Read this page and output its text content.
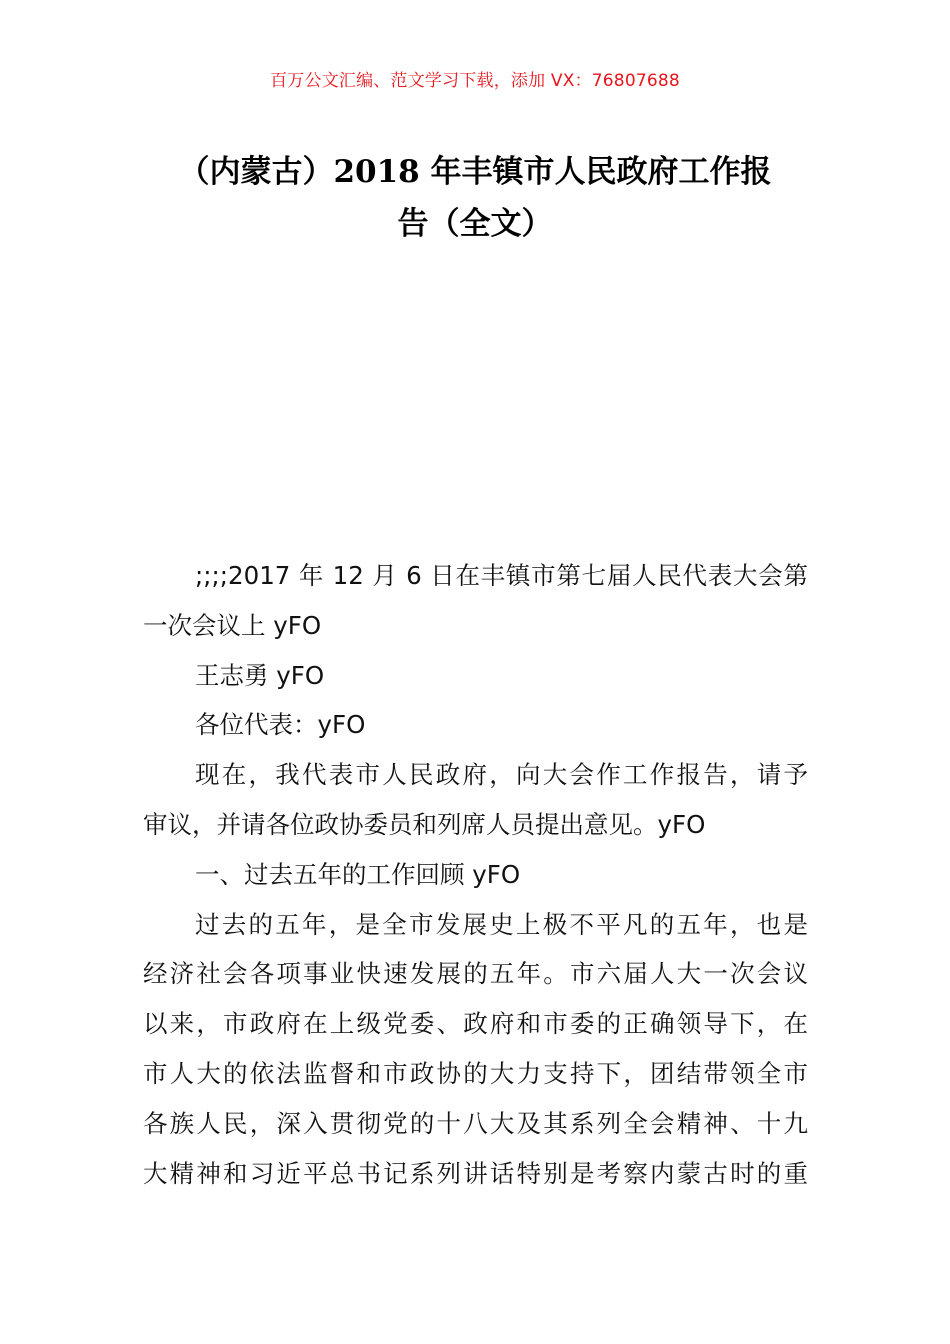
百万公文汇编、范文学习下载，添加 VX：76807688
（内蒙古）2018 年丰镇市人民政府工作报
告（全文）
;;;;2017 年 12 月 6 日在丰镇市第七届人民代表大会第
一次会议上 yFO
王志勇 yFO
各位代表：yFO
现在，我代表市人民政府，向大会作工作报告，请予
审议，并请各位政协委员和列席人员提出意见。yFO
一、过去五年的工作回顾 yFO
过去的五年，是全市发展史上极不平凡的五年，也是
经济社会各项事业快速发展的五年。市六届人大一次会议
以来，市政府在上级党委、政府和市委的正确领导下，在
市人大的依法监督和市政协的大力支持下，团结带领全市
各族人民，深入贯彻党的十八大及其系列全会精神、十九
大精神和习近平总书记系列讲话特别是考察内蒙古时的重
